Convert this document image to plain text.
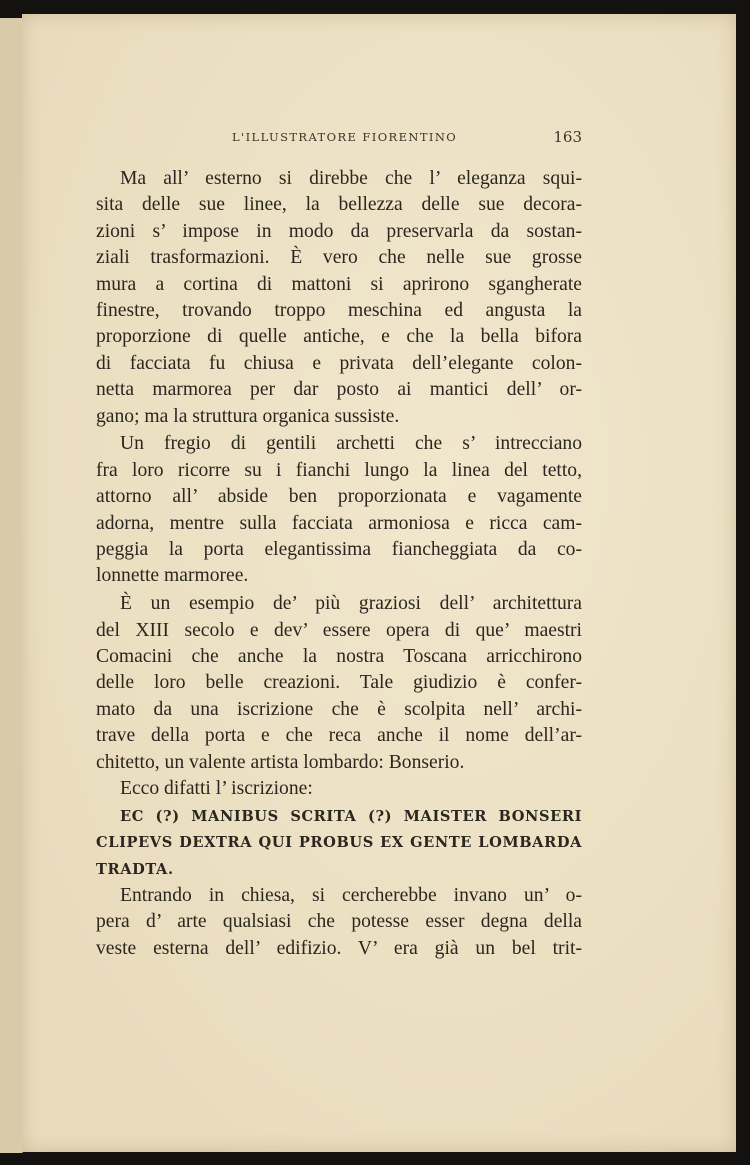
L'ILLUSTRATORE FIORENTINO	163
Ma all’ esterno si direbbe che l’ eleganza squi-
sita delle sue linee, la bellezza delle sue decora-
zioni s’ impose in modo da preservarla da sostan-
ziali trasformazioni. È vero che nelle sue grosse
mura a cortina di mattoni si aprirono sgangherate
finestre, trovando troppo meschina ed angusta la
proporzione di quelle antiche, e che la bella bifora
di facciata fu chiusa e privata dell’elegante colon-
netta marmorea per dar posto ai mantici dell’ or-
gano; ma la struttura organica sussiste.
Un fregio di gentili archetti che s’ intrecciano
fra loro ricorre su i fianchi lungo la linea del tetto,
attorno all’ abside ben proporzionata e vagamente
adorna, mentre sulla facciata armoniosa e ricca cam-
peggia la porta elegantissima fiancheggiata da co-
lonnette marmoree.
È un esempio de’ più graziosi dell’ architettura
del XIII secolo e dev’ essere opera di que’ maestri
Comacini che anche la nostra Toscana arricchirono
delle loro belle creazioni. Tale giudizio è confer-
mato da una iscrizione che è scolpita nell’ archi-
trave della porta e che reca anche il nome dell’ar-
chitetto, un valente artista lombardo: Bonserio.
Ecco difatti l’ iscrizione:
EC (?) MANIBUS SCRITA (?) MAISTER BONSERI
CLIPEVS DEXTRA QUI PROBUS EX GENTE LOMBARDA
TRADTA.
Entrando in chiesa, si cercherebbe invano un’ o-
pera d’ arte qualsiasi che potesse esser degna della
veste esterna dell’ edifizio. V’ era già un bel trit-
